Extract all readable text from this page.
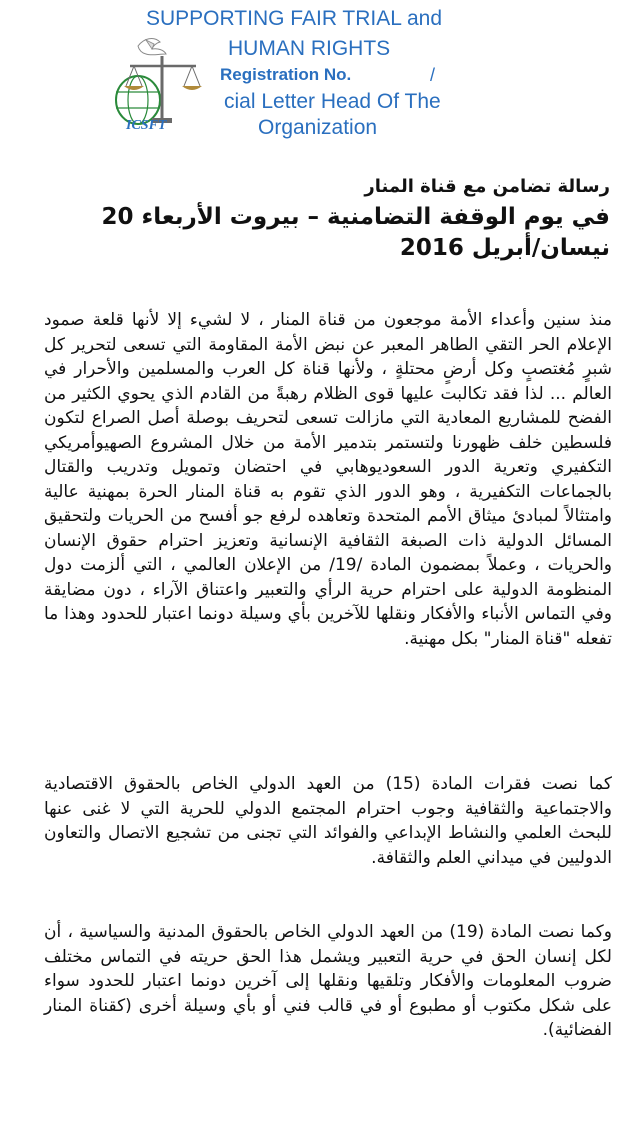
ICSFT
SUPPORTING FAIR TRIAL and
HUMAN RIGHTS
Registration No.	/
cial Letter Head Of The
Organization
رسالة تضامن مع قناة المنار
في يوم الوقفة التضامنية – بيروت الأربعاء 20 نيسان/أبريل 2016
منذ سنين وأعداء الأمة موجعون من قناة المنار ، لا لشيء إلا لأنها قلعة صمود الإعلام الحر التقي الطاهر المعبر عن نبض الأمة المقاومة التي تسعى لتحرير كل شبرٍ مُغتصبٍ وكل أرضٍ محتلةٍ ، ولأنها قناة كل العرب والمسلمين والأحرار في العالم ... لذا فقد تكالبت عليها قوى الظلام رهبةً من القادم الذي يحوي الكثير من الفضح للمشاريع المعادية التي مازالت تسعى لتحريف بوصلة أصل الصراع لتكون فلسطين خلف ظهورنا ولتستمر بتدمير الأمة من خلال المشروع الصهيوأمريكي التكفيري وتعرية الدور السعوديوهابي في احتضان وتمويل وتدريب والقتال بالجماعات التكفيرية ، وهو الدور الذي تقوم به قناة المنار الحرة بمهنية عالية وامتثالاً لمبادئ ميثاق الأمم المتحدة وتعاهده لرفع جو أفسح من الحريات ولتحقيق المسائل الدولية ذات الصبغة الثقافية الإنسانية وتعزيز احترام حقوق الإنسان والحريات ، وعملاً بمضمون المادة /19/ من الإعلان العالمي ، التي ألزمت دول المنظومة الدولية على احترام حرية الرأي والتعبير واعتناق الآراء ، دون مضايقة وفي التماس الأنباء والأفكار ونقلها للآخرين بأي وسيلة دونما اعتبار للحدود وهذا ما تفعله "قناة المنار" بكل مهنية.
كما نصت فقرات المادة (15) من العهد الدولي الخاص بالحقوق الاقتصادية والاجتماعية والثقافية وجوب احترام المجتمع الدولي للحرية التي لا غنى عنها للبحث العلمي والنشاط الإبداعي والفوائد التي تجنى من تشجيع الاتصال والتعاون الدوليين في ميداني العلم والثقافة.
وكما نصت المادة (19) من العهد الدولي الخاص بالحقوق المدنية والسياسية ، أن لكل إنسان الحق في حرية التعبير ويشمل هذا الحق حريته في التماس مختلف ضروب المعلومات والأفكار وتلقيها ونقلها إلى آخرين دونما اعتبار للحدود سواء على شكل مكتوب أو مطبوع أو في قالب فني أو بأي وسيلة أخرى (كقناة المنار الفضائية).
